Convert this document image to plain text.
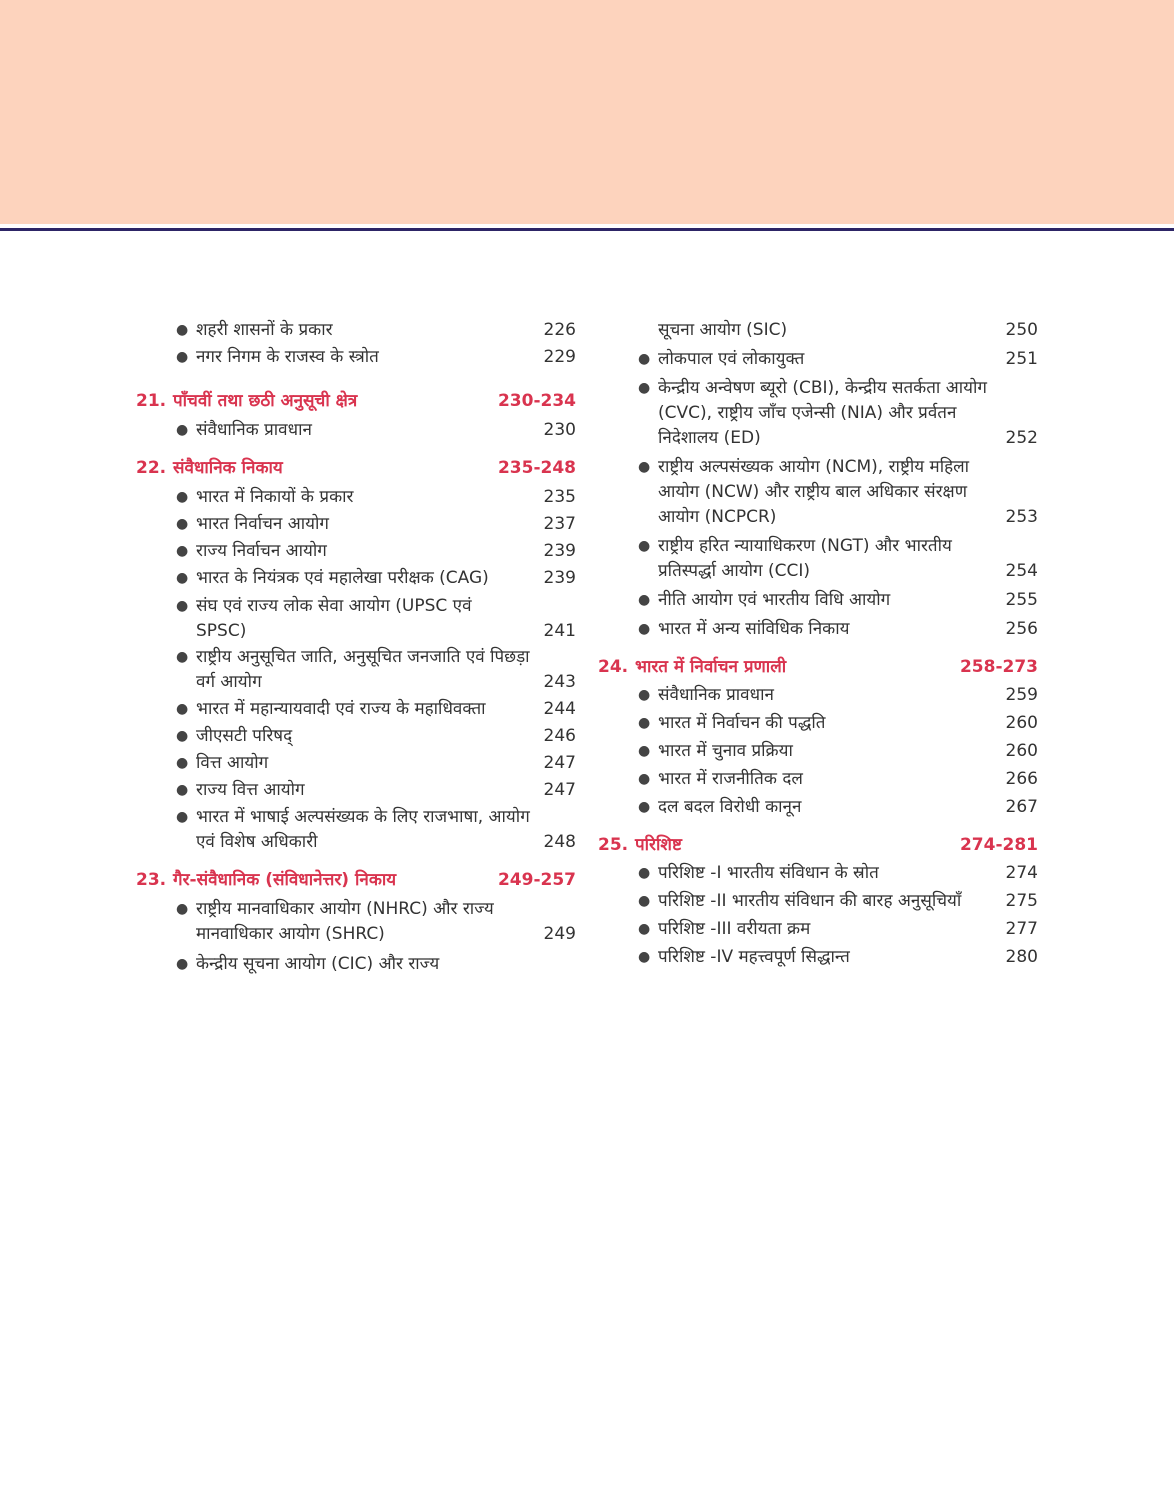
● शहरी शासनों के प्रकार	226
● नगर निगम के राजस्व के स्त्रोत	229
21. पाँचवीं तथा छठी अनुसूची क्षेत्र	230-234
● संवैधानिक प्रावधान	230
22. संवैधानिक निकाय	235-248
● भारत में निकायों के प्रकार	235
● भारत निर्वाचन आयोग	237
● राज्य निर्वाचन आयोग	239
● भारत के नियंत्रक एवं महालेखा परीक्षक (CAG)	239
● संघ एवं राज्य लोक सेवा आयोग (UPSC एवं SPSC)	241
● राष्ट्रीय अनुसूचित जाति, अनुसूचित जनजाति एवं पिछड़ा वर्ग आयोग	243
● भारत में महान्यायवादी एवं राज्य के महाधिवक्ता	244
● जीएसटी परिषद्	246
● वित्त आयोग	247
● राज्य वित्त आयोग	247
● भारत में भाषाई अल्पसंख्यक के लिए राजभाषा, आयोग एवं विशेष अधिकारी	248
23. गैर-संवैधानिक (संविधानेत्तर) निकाय	249-257
● राष्ट्रीय मानवाधिकार आयोग (NHRC) और राज्य मानवाधिकार आयोग (SHRC)	249
● केन्द्रीय सूचना आयोग (CIC) और राज्य
सूचना आयोग (SIC)	250
● लोकपाल एवं लोकायुक्त	251
● केन्द्रीय अन्वेषण ब्यूरो (CBI), केन्द्रीय सतर्कता आयोग (CVC), राष्ट्रीय जाँच एजेन्सी (NIA) और प्रर्वतन निदेशालय (ED)	252
● राष्ट्रीय अल्पसंख्यक आयोग (NCM), राष्ट्रीय महिला आयोग (NCW) और राष्ट्रीय बाल अधिकार संरक्षण आयोग (NCPCR)	253
● राष्ट्रीय हरित न्यायाधिकरण (NGT) और भारतीय प्रतिस्पर्द्धा आयोग (CCI)	254
● नीति आयोग एवं भारतीय विधि आयोग	255
● भारत में अन्य सांविधिक निकाय	256
24. भारत में निर्वाचन प्रणाली	258-273
● संवैधानिक प्रावधान	259
● भारत में निर्वाचन की पद्धति	260
● भारत में चुनाव प्रक्रिया	260
● भारत में राजनीतिक दल	266
● दल बदल विरोधी कानून	267
25. परिशिष्ट	274-281
● परिशिष्ट -I भारतीय संविधान के स्रोत	274
● परिशिष्ट -II भारतीय संविधान की बारह अनुसूचियाँ	275
● परिशिष्ट -III वरीयता क्रम	277
● परिशिष्ट -IV महत्त्वपूर्ण सिद्धान्त	280
